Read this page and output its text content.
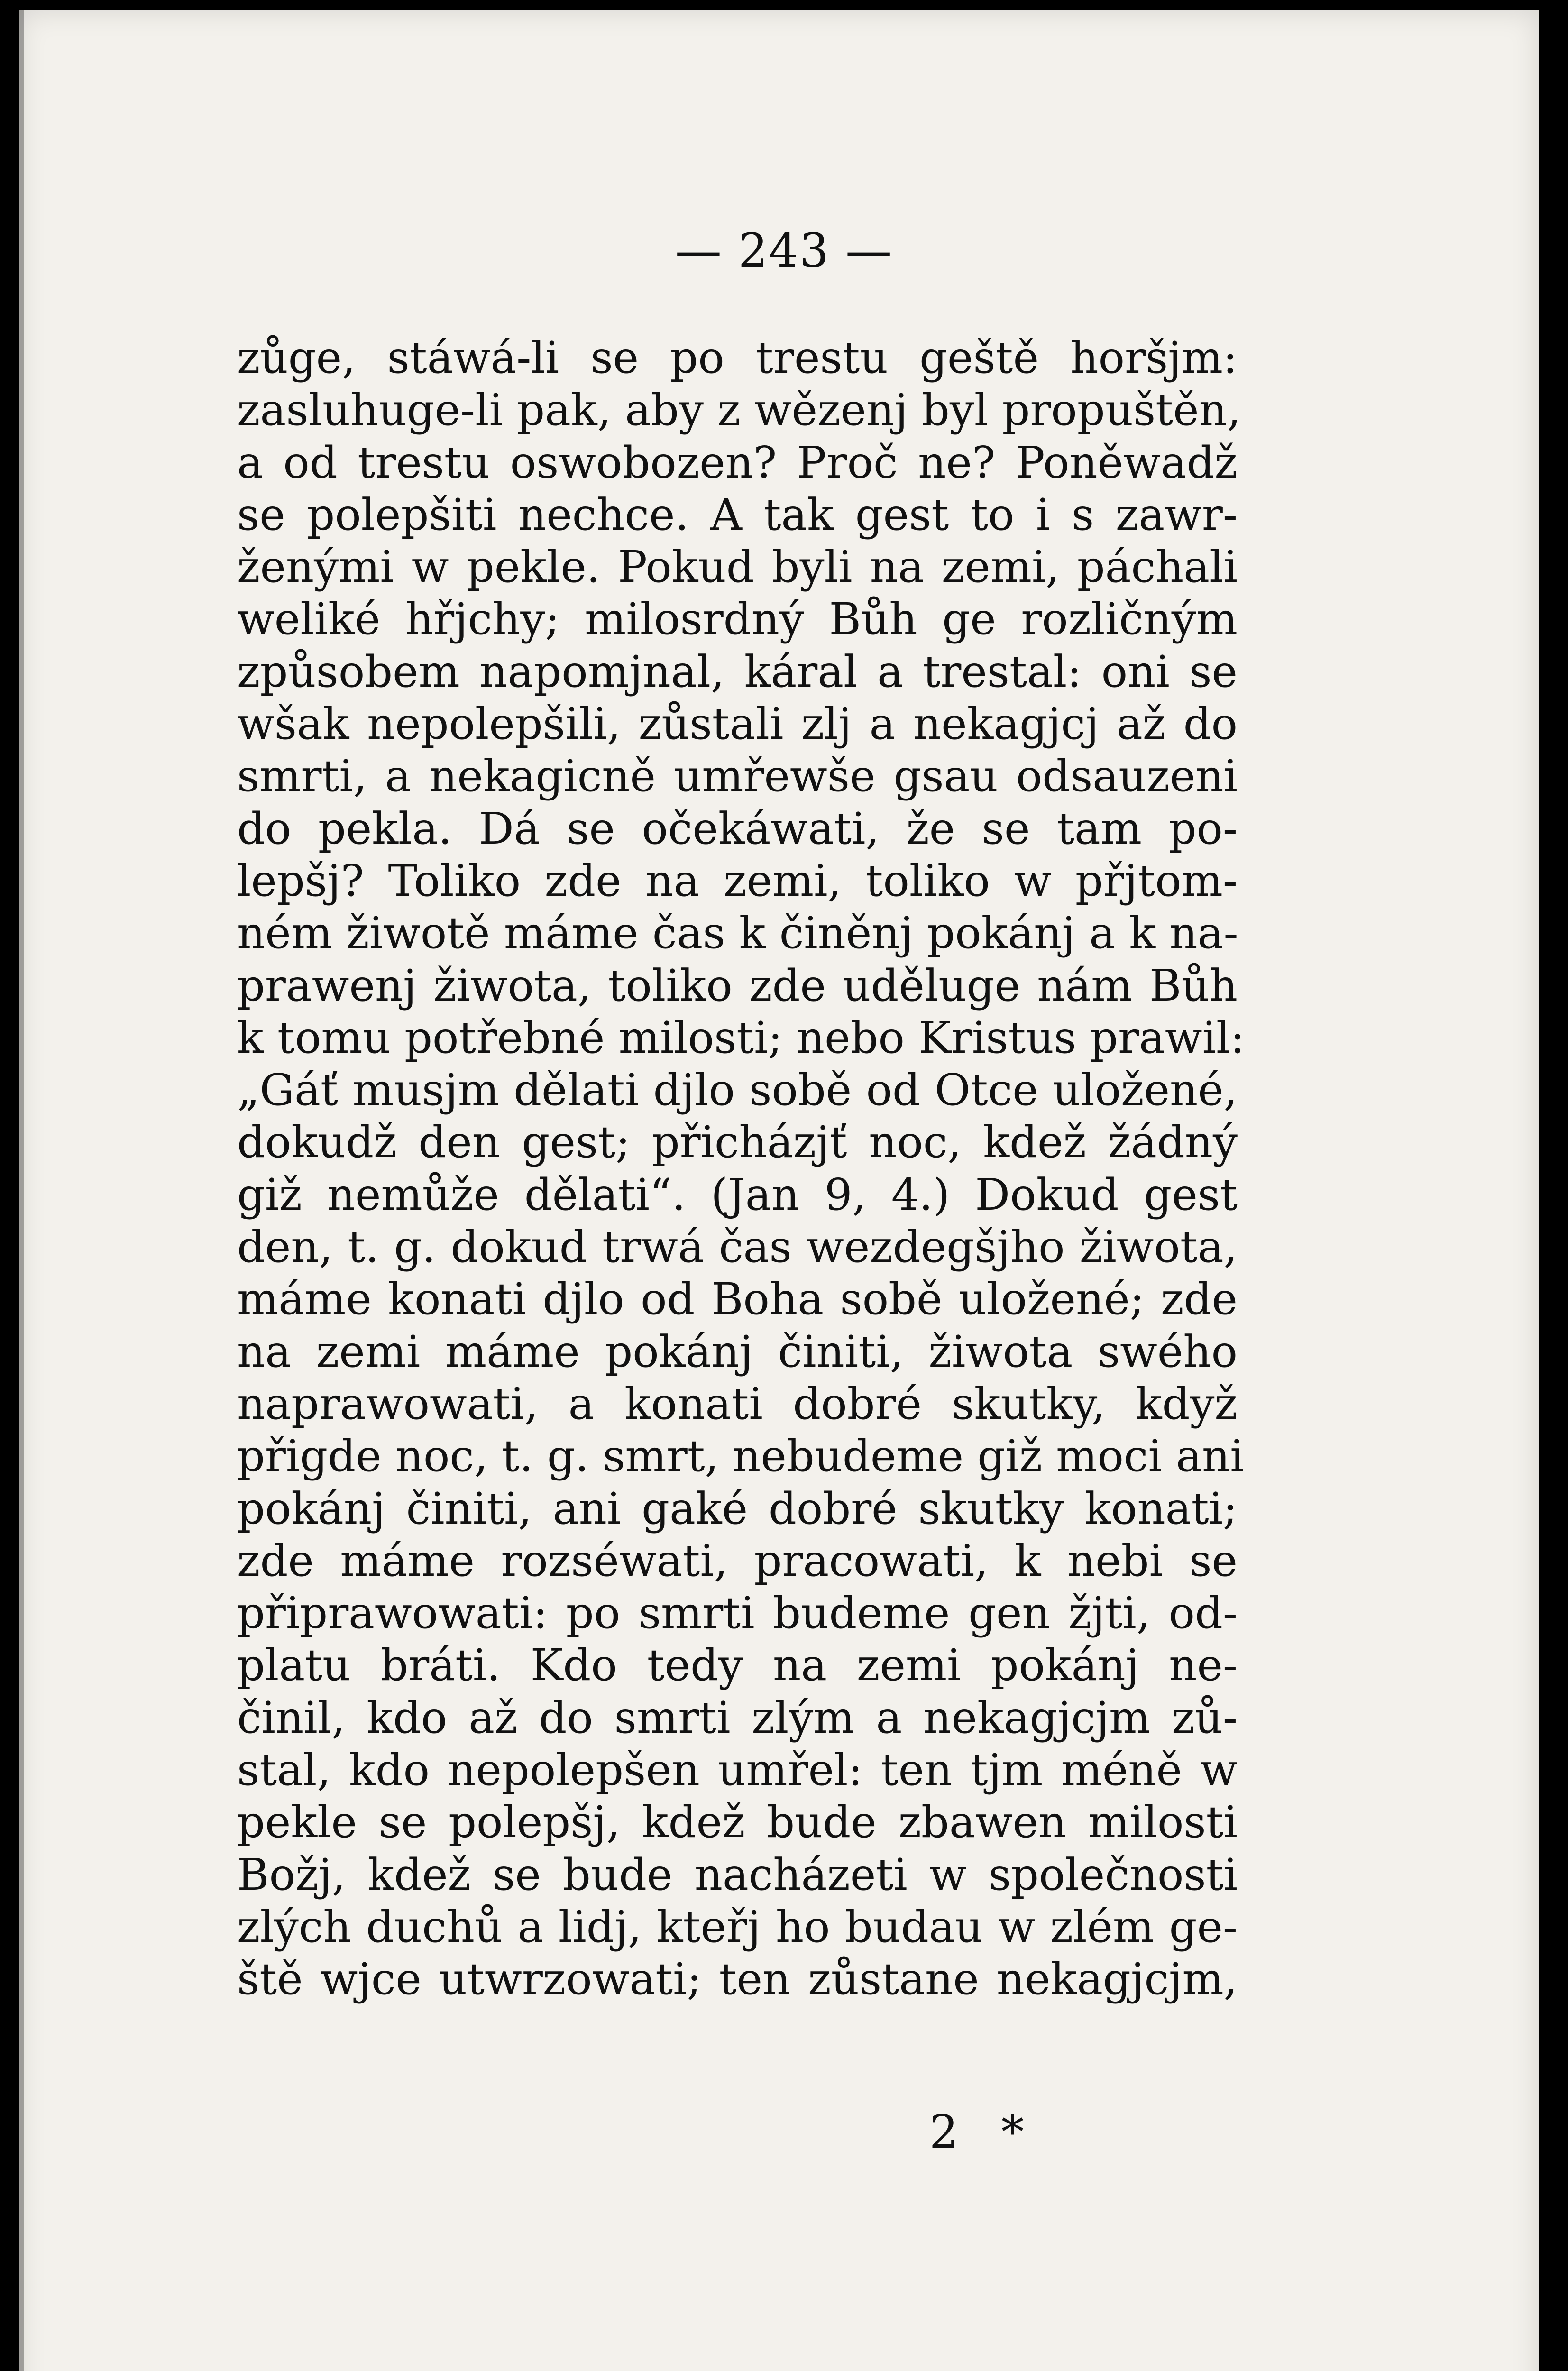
— 243 —
zůge, stáwá-li se po trestu geště horšjm:
zasluhuge-li pak, aby z wězenj byl propuštěn,
a od trestu oswobozen? Proč ne? Poněwadž
se polepšiti nechce. A tak gest to i s zawr-
ženými w pekle. Pokud byli na zemi, páchali
weliké hřjchy; milosrdný Bůh ge rozličným
způsobem napomjnal, káral a trestal: oni se
wšak nepolepšili, zůstali zlj a nekagjcj až do
smrti, a nekagicně umřewše gsau odsauzeni
do pekla. Dá se očekáwati, že se tam po-
lepšj? Toliko zde na zemi, toliko w přjtom-
ném žiwotě máme čas k činěnj pokánj a k na-
prawenj žiwota, toliko zde uděluge nám Bůh
k tomu potřebné milosti; nebo Kristus prawil:
„Gáť musjm dělati djlo sobě od Otce uložené,
dokudž den gest; přicházjť noc, kdež žádný
giž nemůže dělati“. (Jan 9, 4.) Dokud gest
den, t. g. dokud trwá čas wezdegšjho žiwota,
máme konati djlo od Boha sobě uložené; zde
na zemi máme pokánj činiti, žiwota swého
naprawowati, a konati dobré skutky, když
přigde noc, t. g. smrt, nebudeme giž moci ani
pokánj činiti, ani gaké dobré skutky konati;
zde máme rozséwati, pracowati, k nebi se
připrawowati: po smrti budeme gen žjti, od-
platu bráti. Kdo tedy na zemi pokánj ne-
činil, kdo až do smrti zlým a nekagjcjm zů-
stal, kdo nepolepšen umřel: ten tjm méně w
pekle se polepšj, kdež bude zbawen milosti
Božj, kdež se bude nacházeti w společnosti
zlých duchů a lidj, kteřj ho budau w zlém ge-
ště wjce utwrzowati; ten zůstane nekagjcjm,
2 *
